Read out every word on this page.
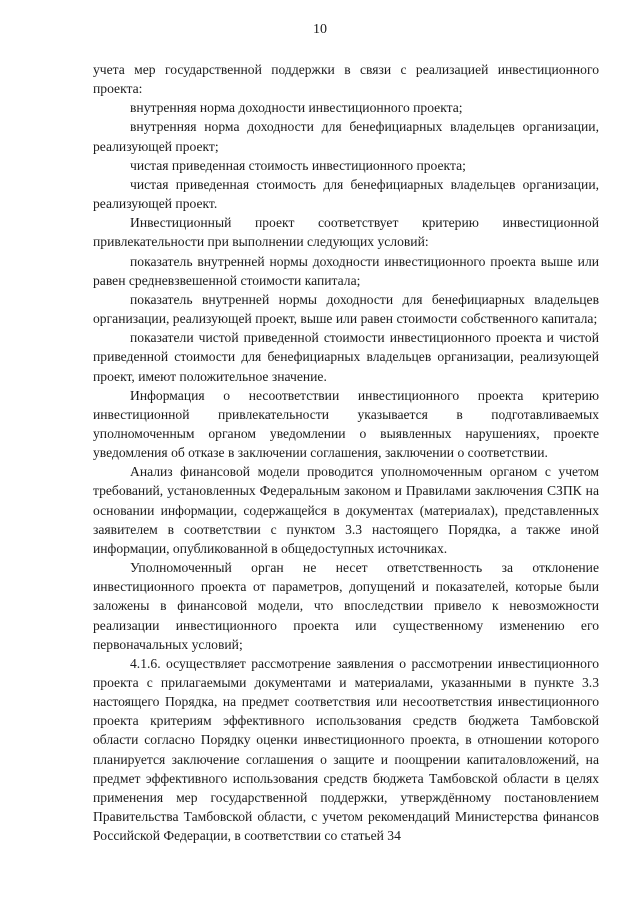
10

учета мер государственной поддержки в связи с реализацией инвестиционного проекта:

внутренняя норма доходности инвестиционного проекта;

внутренняя норма доходности для бенефициарных владельцев организации, реализующей проект;

чистая приведенная стоимость инвестиционного проекта;

чистая приведенная стоимость для бенефициарных владельцев организации, реализующей проект.

Инвестиционный проект соответствует критерию инвестиционной привлекательности при выполнении следующих условий:

показатель внутренней нормы доходности инвестиционного проекта выше или равен средневзвешенной стоимости капитала;

показатель внутренней нормы доходности для бенефициарных владельцев организации, реализующей проект, выше или равен стоимости собственного капитала;

показатели чистой приведенной стоимости инвестиционного проекта и чистой приведенной стоимости для бенефициарных владельцев организации, реализующей проект, имеют положительное значение.

Информация о несоответствии инвестиционного проекта критерию инвестиционной привлекательности указывается в подготавливаемых уполномоченным органом уведомлении о выявленных нарушениях, проекте уведомления об отказе в заключении соглашения, заключении о соответствии.

Анализ финансовой модели проводится уполномоченным органом с учетом требований, установленных Федеральным законом и Правилами заключения СЗПК на основании информации, содержащейся в документах (материалах), представленных заявителем в соответствии с пунктом 3.3 настоящего Порядка, а также иной информации, опубликованной в общедоступных источниках.

Уполномоченный орган не несет ответственность за отклонение инвестиционного проекта от параметров, допущений и показателей, которые были заложены в финансовой модели, что впоследствии привело к невозможности реализации инвестиционного проекта или существенному изменению его первоначальных условий;

4.1.6. осуществляет рассмотрение заявления о рассмотрении инвестиционного проекта с прилагаемыми документами и материалами, указанными в пункте 3.3 настоящего Порядка, на предмет соответствия или несоответствия инвестиционного проекта критериям эффективного использования средств бюджета Тамбовской области согласно Порядку оценки инвестиционного проекта, в отношении которого планируется заключение соглашения о защите и поощрении капиталовложений, на предмет эффективного использования средств бюджета Тамбовской области в целях применения мер государственной поддержки, утверждённому постановлением Правительства Тамбовской области, с учетом рекомендаций Министерства финансов Российской Федерации, в соответствии со статьей 34
